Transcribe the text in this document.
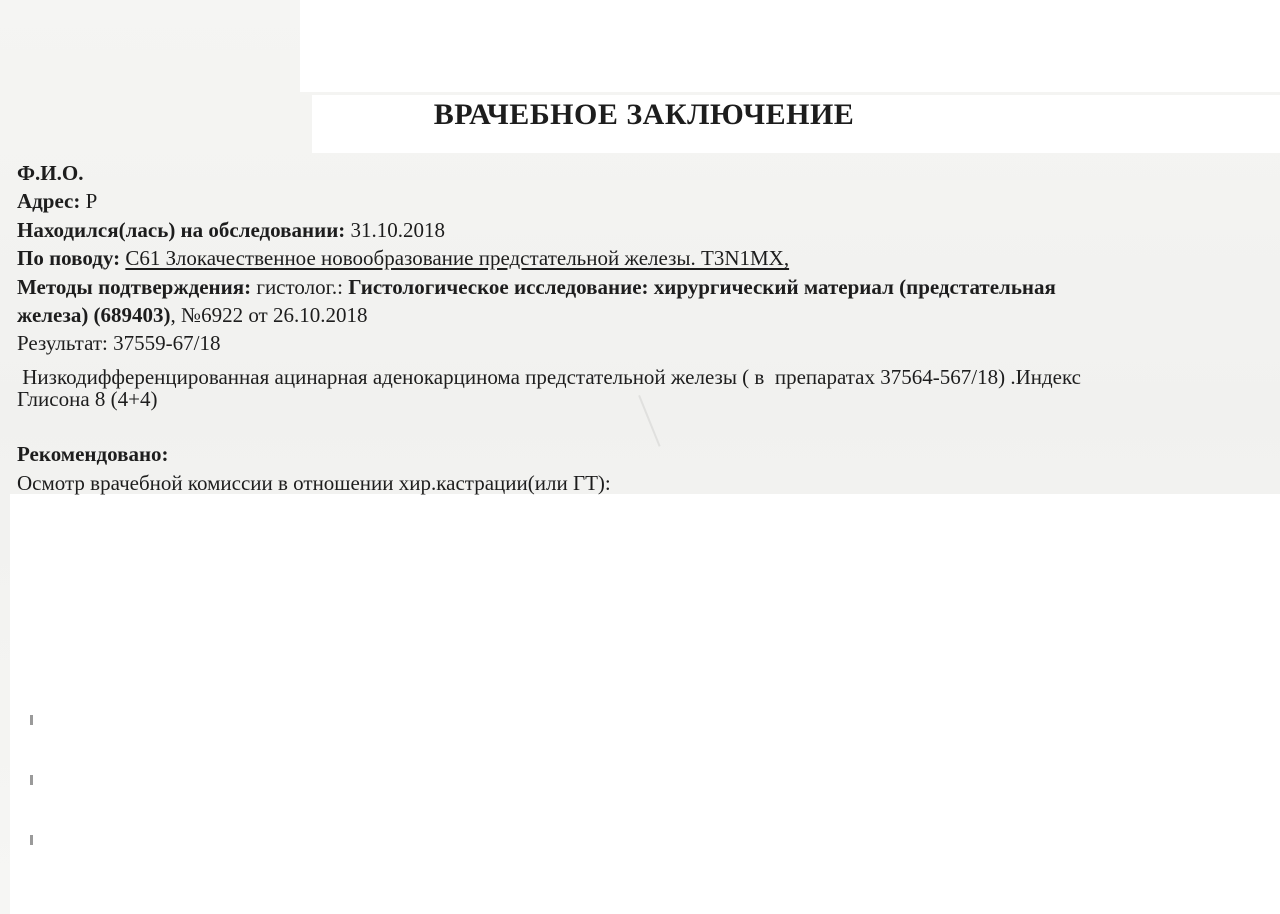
ВРАЧЕБНОЕ ЗАКЛЮЧЕНИЕ
Ф.И.О.
Адрес: Р
Находился(лась) на обследовании: 31.10.2018
По поводу: С61 Злокачественное новообразование предстательной железы. T3N1MX,
Методы подтверждения: гистолог.: Гистологическое исследование: хирургический материал (предстательная
железа) (689403), №6922 от 26.10.2018
Результат: 37559-67/18
Низкодифференцированная ацинарная аденокарцинома предстательной железы ( в  препаратах 37564-567/18) .Индекс
Глисона 8 (4+4)
Рекомендовано:
Осмотр врачебной комиссии в отношении хир.кастрации(или ГТ):
